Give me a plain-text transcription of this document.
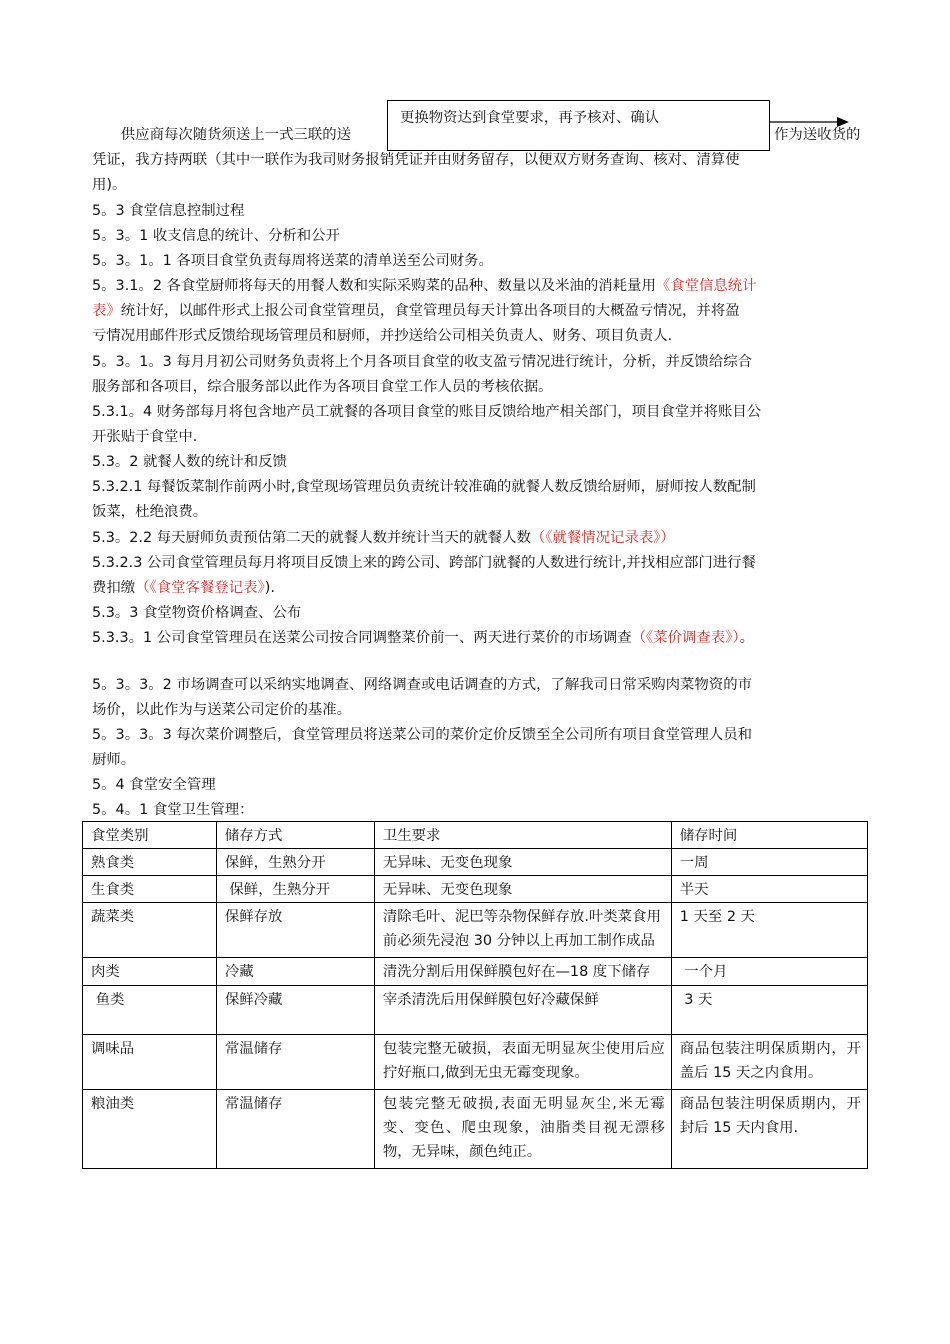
　　供应商每次随货须送上一式三联的送	作为送收货的
凭证，我方持两联（其中一联作为我司财务报销凭证并由财务留存，以便双方财务查询、核对、清算使
用)。
5。3 食堂信息控制过程
5。3。1 收支信息的统计、分析和公开
5。3。1。1 各项目食堂负责每周将送菜的清单送至公司财务。
5。3.1。2 各食堂厨师将每天的用餐人数和实际采购菜的品种、数量以及米油的消耗量用《食堂信息统计
表》统计好，以邮件形式上报公司食堂管理员，食堂管理员每天计算出各项目的大概盈亏情况，并将盈
亏情况用邮件形式反馈给现场管理员和厨师，并抄送给公司相关负责人、财务、项目负责人.
5。3。1。3 每月月初公司财务负责将上个月各项目食堂的收支盈亏情况进行统计，分析，并反馈给综合
服务部和各项目，综合服务部以此作为各项目食堂工作人员的考核依据。
5.3.1。4 财务部每月将包含地产员工就餐的各项目食堂的账目反馈给地产相关部门，项目食堂并将账目公
开张贴于食堂中.
5.3。2 就餐人数的统计和反馈
5.3.2.1 每餐饭菜制作前两小时,食堂现场管理员负责统计较准确的就餐人数反馈给厨师，厨师按人数配制
饭菜，杜绝浪费。
5.3。2.2 每天厨师负责预估第二天的就餐人数并统计当天的就餐人数（《就餐情况记录表》）
5.3.2.3 公司食堂管理员每月将项目反馈上来的跨公司、跨部门就餐的人数进行统计,并找相应部门进行餐
费扣缴（《食堂客餐登记表》).
5.3。3 食堂物资价格调查、公布
5.3.3。1 公司食堂管理员在送菜公司按合同调整菜价前一、两天进行菜价的市场调查（《菜价调查表》）。
5。3。3。2 市场调查可以采纳实地调查、网络调查或电话调查的方式，了解我司日常采购肉菜物资的市
场价，以此作为与送菜公司定价的基准。
5。3。3。3 每次菜价调整后，食堂管理员将送菜公司的菜价定价反馈至全公司所有项目食堂管理人员和
厨师。
5。4 食堂安全管理
5。4。1 食堂卫生管理：
更换物资达到食堂要求，再予核对、确认
食堂类别	储存方式	卫生要求	储存时间
熟食类	保鲜，生熟分开	无异味、无变色现象	一周
生食类	保鲜，生熟分开	无异味、无变色现象	半天
蔬菜类	保鲜存放	清除毛叶、泥巴等杂物保鲜存放.叶类菜食用前必须先浸泡 30 分钟以上再加工制作成品	1 天至 2 天
肉类	冷藏	清洗分割后用保鲜膜包好在—18 度下储存	一个月
鱼类	保鲜冷藏	宰杀清洗后用保鲜膜包好冷藏保鲜	3 天
调味品	常温储存	包装完整无破损，表面无明显灰尘使用后应拧好瓶口,做到无虫无霉变现象。	商品包装注明保质期内，开盖后 15 天之内食用。
粮油类	常温储存	包装完整无破损,表面无明显灰尘,米无霉变、变色、爬虫现象，油脂类目视无漂移物，无异味，颜色纯正。	商品包装注明保质期内，开封后 15 天内食用.
